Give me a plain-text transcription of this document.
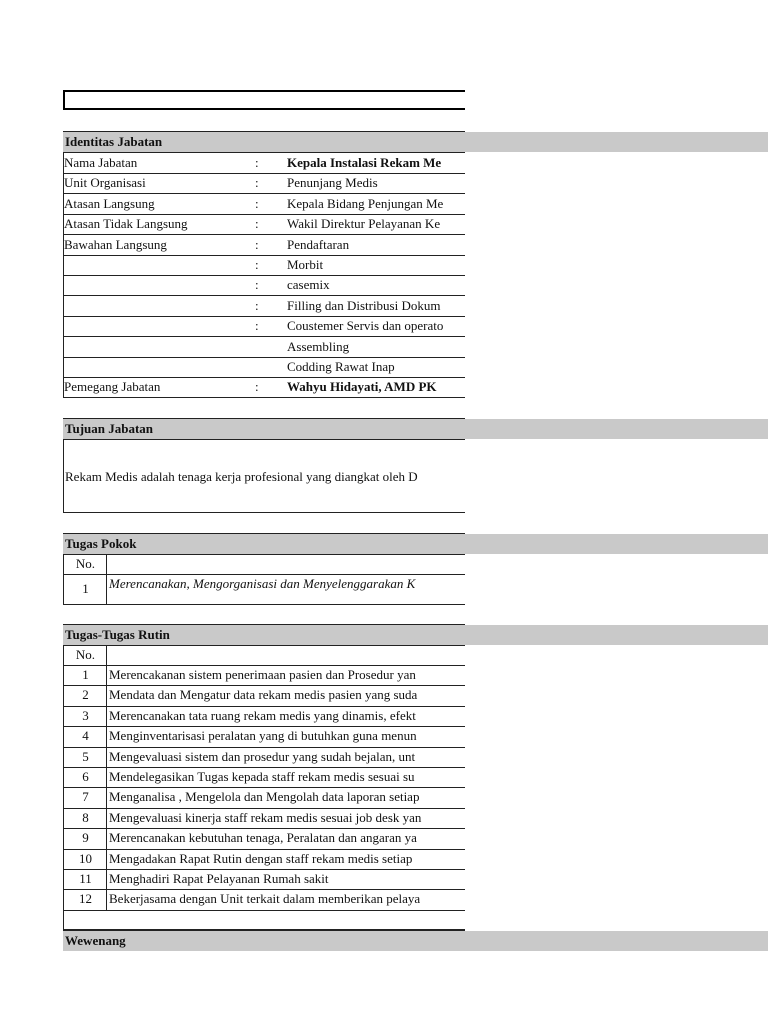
Identitas Jabatan
Nama Jabatan	: Kepala Instalasi Rekam Me
Unit Organisasi	: Penunjang Medis
Atasan Langsung	: Kepala Bidang Penjungan Me
Atasan Tidak Langsung	: Wakil Direktur Pelayanan Ke
Bawahan Langsung	: Pendaftaran
: Morbit
: casemix
: Filling dan Distribusi Dokum
: Coustemer Servis dan operato
Assembling
Codding Rawat Inap
Pemegang Jabatan	: Wahyu Hidayati, AMD PK
Tujuan Jabatan
Rekam Medis adalah tenaga kerja profesional yang diangkat oleh D
Tugas Pokok
No.
1	Merencanakan, Mengorganisasi dan Menyelenggarakan K
Tugas-Tugas Rutin
No.
1	Merencakanan sistem penerimaan pasien dan Prosedur yan
2	Mendata dan Mengatur data rekam medis pasien yang suda
3	Merencanakan tata ruang rekam medis yang dinamis, efekt
4	Menginventarisasi peralatan yang di butuhkan guna menun
5	Mengevaluasi sistem dan prosedur yang sudah bejalan, unt
6	Mendelegasikan Tugas kepada staff rekam medis sesuai su
7	Menganalisa , Mengelola dan Mengolah data laporan setiap
8	Mengevaluasi kinerja staff rekam medis sesuai job desk yan
9	Merencanakan kebutuhan tenaga, Peralatan dan angaran ya
10	Mengadakan Rapat Rutin dengan staff rekam medis setiap
11	Menghadiri Rapat Pelayanan Rumah sakit
12	Bekerjasama dengan Unit terkait dalam memberikan pelaya
Wewenang
